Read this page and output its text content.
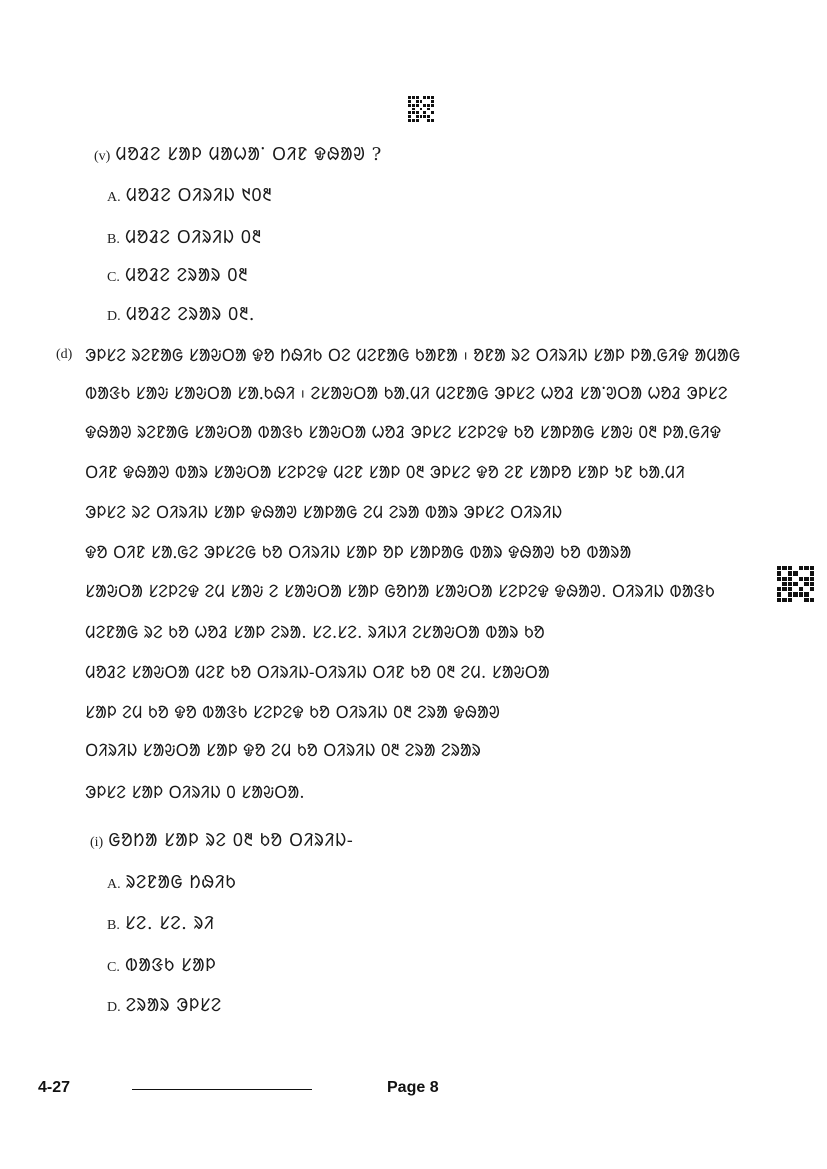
(v) ᱢᱚᱲᱮ ᱥᱟᱞ ᱢᱟᱦᱟᱸ ᱛᱤᱱ ᱫᱷᱟᱣ ?
A. ᱢᱚᱲᱮ ᱛᱤᱨᱤᱡ ᱑᱐᱓
B. ᱢᱚᱲᱮ ᱛᱤᱨᱤᱡ ᱐᱓
C. ᱢᱚᱲᱮ ᱮᱨᱟᱨ ᱐᱓
D. ᱢᱚᱲᱮ ᱮᱨᱟᱨ ᱐᱓.
(d) ᱳᱞᱥᱮ ᱨᱮᱱᱟᱜ ᱥᱟᱶᱛᱟ ᱫᱚ ᱴᱷᱤᱠ ᱛᱮ ᱢᱮᱱᱟᱜ ᱠᱟᱱᱟ ᱾ ᱚᱱᱟ ᱨᱮ ᱛᱤᱨᱤᱡ ᱥᱟᱞ ᱞᱟᱹᱜᱤᱫ ᱟᱢᱟᱜ
ᱵᱟᱝᱠ ᱥᱟᱶ ᱥᱟᱶᱛᱟ ᱥᱟᱹᱠᱷᱤ ᱾ ᱮᱥᱟᱶᱛᱟ ᱠᱟᱹᱢᱤ ᱢᱮᱱᱟᱜ ᱳᱞᱥᱮ ᱦᱚᱲ ᱥᱟᱸᱣᱛᱟ ᱦᱚᱲ ᱳᱞᱥᱮ
ᱫᱷᱟᱣ ᱨᱮᱱᱟᱜ ᱥᱟᱶᱛᱟ ᱵᱟᱝᱠ ᱥᱟᱶᱛᱟ ᱦᱚᱲ ᱳᱞᱥᱮ ᱥᱮᱞᱮᱫ ᱠᱚ ᱥᱟᱞᱟᱜ ᱥᱟᱶ ᱐᱓ ᱞᱟᱹᱜᱤᱫ
ᱛᱤᱱ ᱫᱷᱟᱣ ᱵᱟᱨ ᱥᱟᱶᱛᱟ ᱥᱮᱞᱮᱫ ᱢᱮᱱ ᱥᱟᱞ ᱐᱓ ᱳᱞᱥᱮ ᱫᱚ ᱮᱱ ᱥᱟᱞᱚ ᱥᱟᱞ ᱩᱱ ᱠᱟᱹᱢᱤ
ᱳᱞᱥᱮ ᱨᱮ ᱛᱤᱨᱤᱡ ᱥᱟᱞ ᱫᱷᱟᱣ ᱥᱟᱞᱟᱜ ᱮᱢ ᱮᱨᱟ ᱵᱟᱨ ᱳᱞᱥᱮ ᱛᱤᱨᱤᱡ
ᱫᱚ ᱛᱤᱱ ᱥᱟᱹᱜᱮ ᱳᱞᱥᱮᱜ ᱠᱚ ᱛᱤᱨᱤᱡ ᱥᱟᱞ ᱚᱞ ᱥᱟᱞᱟᱜ ᱵᱟᱨ ᱫᱷᱟᱣ ᱠᱚ ᱵᱟᱨᱟ
ᱥᱟᱶᱛᱟ ᱥᱮᱞᱮᱫ ᱮᱢ ᱥᱟᱶ ᱮ ᱥᱟᱶᱛᱟ ᱥᱟᱞ ᱜᱚᱴᱟ ᱥᱟᱶᱛᱟ ᱥᱮᱞᱮᱫ ᱫᱷᱟᱣ. ᱛᱤᱨᱤᱡ ᱵᱟᱝᱠ
ᱢᱮᱱᱟᱜ ᱨᱮ ᱠᱚ ᱦᱚᱲ ᱥᱟᱞ ᱮᱨᱟ. ᱥᱮ.ᱥᱮ. ᱨᱤᱡᱤ ᱮᱥᱟᱶᱛᱟ ᱵᱟᱨ ᱠᱚ
ᱢᱚᱲᱮ ᱥᱟᱶᱛᱟ ᱢᱮᱱ ᱠᱚ ᱛᱤᱨᱤᱡ-ᱛᱤᱨᱤᱡ ᱛᱤᱱ ᱠᱚ ᱐᱓ ᱮᱢ. ᱥᱟᱶᱛᱟ
ᱥᱟᱞ ᱮᱢ ᱠᱚ ᱫᱚ ᱵᱟᱝᱠ ᱥᱮᱞᱮᱫ ᱠᱚ ᱛᱤᱨᱤᱡ ᱐᱓ ᱮᱨᱟ ᱫᱷᱟᱣ
ᱛᱤᱨᱤᱡ ᱥᱟᱶᱛᱟ ᱥᱟᱞ ᱫᱚ ᱮᱢ ᱠᱚ ᱛᱤᱨᱤᱡ ᱐᱓ ᱮᱨᱟ ᱮᱨᱟᱨ
ᱳᱞᱥᱮ ᱥᱟᱞ ᱛᱤᱨᱤᱡ ᱐ ᱥᱟᱶᱛᱟ.
(i) ᱜᱚᱴᱟ ᱥᱟᱞ ᱨᱮ ᱐᱓ ᱠᱚ ᱛᱤᱨᱤᱡ-
A. ᱨᱮᱱᱟᱜ ᱴᱷᱤᱠ
B. ᱥᱮ. ᱥᱮ. ᱨᱤ
C. ᱵᱟᱝᱠ ᱥᱟᱞ
D. ᱮᱨᱟᱨ ᱳᱞᱥᱮ
4-27	Page 8
